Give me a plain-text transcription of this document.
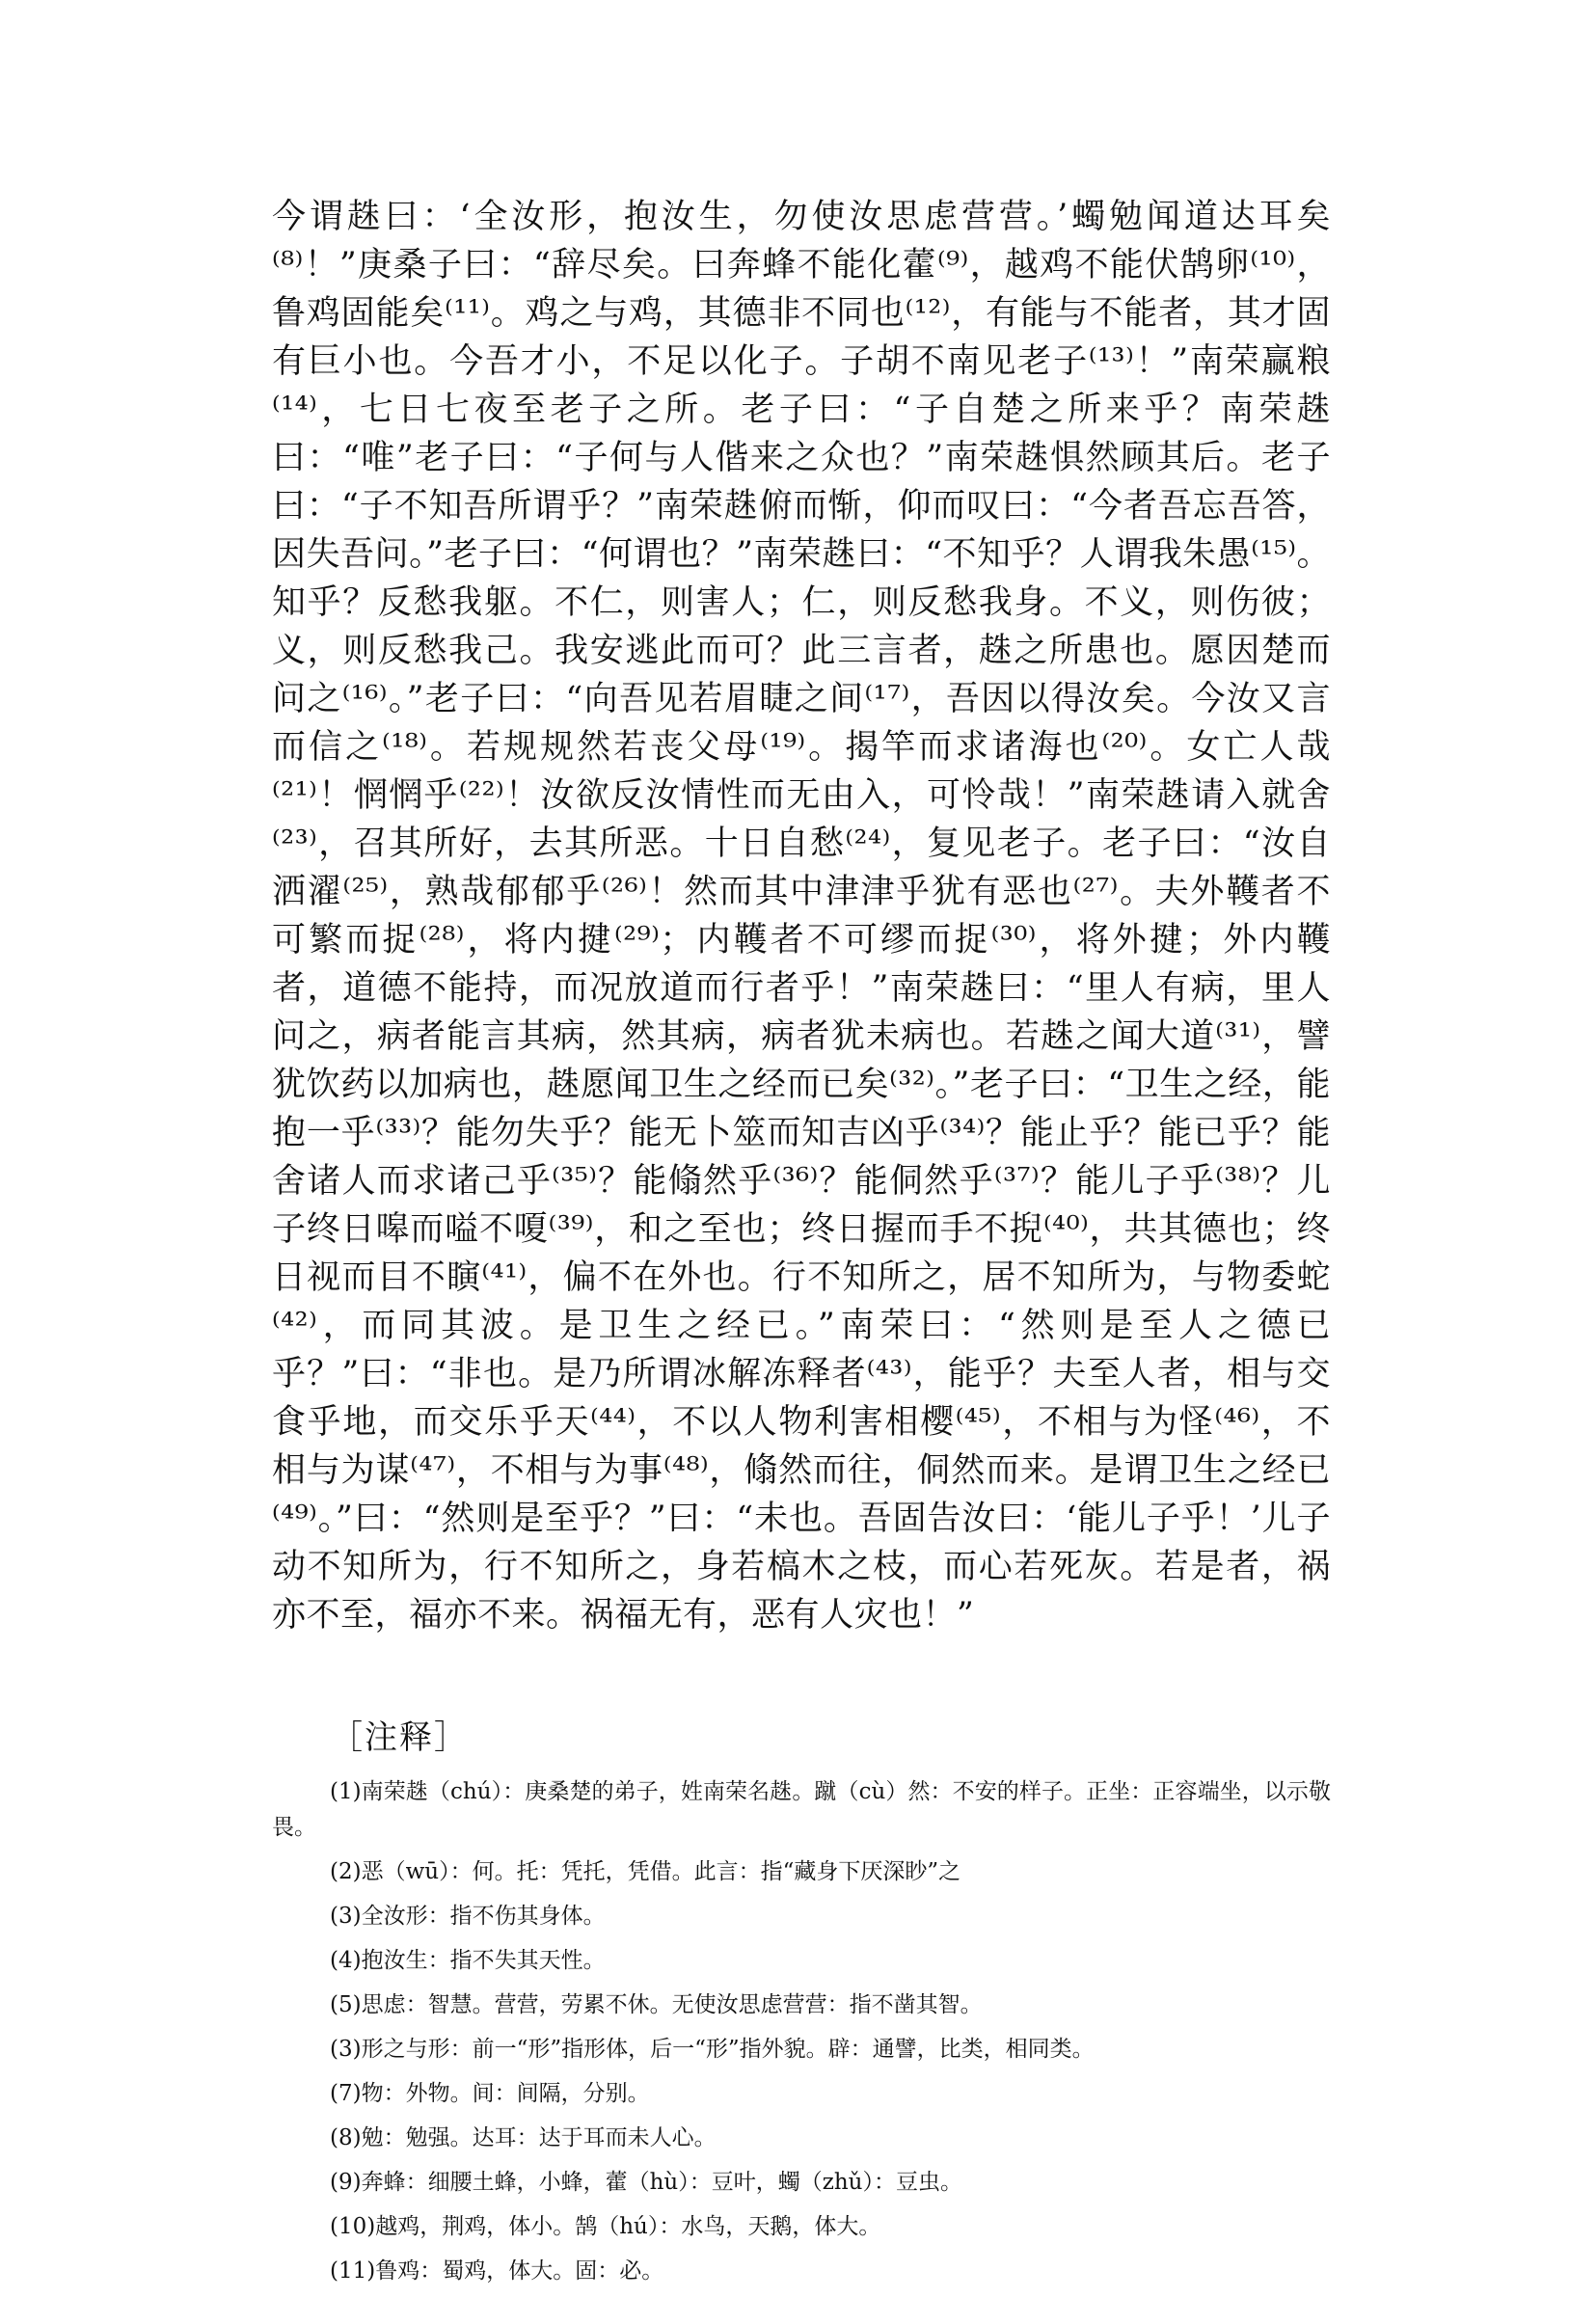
今谓趎曰：‘全汝形，抱汝生，勿使汝思虑营营。’蠋勉闻道达耳矣⁽⁸⁾！”庚桑子曰：“辞尽矣。曰奔蜂不能化藿⁽⁹⁾，越鸡不能伏鹄卵⁽¹⁰⁾，鲁鸡固能矣⁽¹¹⁾。鸡之与鸡，其德非不同也⁽¹²⁾，有能与不能者，其才固有巨小也。今吾才小，不足以化子。子胡不南见老子⁽¹³⁾！”南荣赢粮⁽¹⁴⁾，七日七夜至老子之所。老子曰：“子自楚之所来乎？南荣趎曰：“唯”老子曰：“子何与人偕来之众也？”南荣趎惧然顾其后。老子曰：“子不知吾所谓乎？”南荣趎俯而惭，仰而叹曰：“今者吾忘吾答，因失吾问。”老子曰：“何谓也？”南荣趎曰：“不知乎？人谓我朱愚⁽¹⁵⁾。知乎？反愁我躯。不仁，则害人；仁，则反愁我身。不义，则伤彼；义，则反愁我己。我安逃此而可？此三言者，趎之所患也。愿因楚而问之⁽¹⁶⁾。”老子曰：“向吾见若眉睫之间⁽¹⁷⁾，吾因以得汝矣。今汝又言而信之⁽¹⁸⁾。若规规然若丧父母⁽¹⁹⁾。揭竿而求诸海也⁽²⁰⁾。女亡人哉⁽²¹⁾！惘惘乎⁽²²⁾！汝欲反汝情性而无由入，可怜哉！”南荣趎请入就舍⁽²³⁾，召其所好，去其所恶。十日自愁⁽²⁴⁾，复见老子。老子曰：“汝自洒濯⁽²⁵⁾，熟哉郁郁乎⁽²⁶⁾！然而其中津津乎犹有恶也⁽²⁷⁾。夫外韄者不可繁而捉⁽²⁸⁾，将内揵⁽²⁹⁾；内韄者不可缪而捉⁽³⁰⁾，将外揵；外内韄者，道德不能持，而况放道而行者乎！”南荣趎曰：“里人有病，里人问之，病者能言其病，然其病，病者犹未病也。若趎之闻大道⁽³¹⁾，譬犹饮药以加病也，趎愿闻卫生之经而已矣⁽³²⁾。”老子曰：“卫生之经，能抱一乎⁽³³⁾？能勿失乎？能无卜筮而知吉凶乎⁽³⁴⁾？能止乎？能已乎？能舍诸人而求诸己乎⁽³⁵⁾？能翛然乎⁽³⁶⁾？能侗然乎⁽³⁷⁾？能儿子乎⁽³⁸⁾？儿子终日嗥而嗌不嗄⁽³⁹⁾，和之至也；终日握而手不掜⁽⁴⁰⁾，共其德也；终日视而目不瞚⁽⁴¹⁾，偏不在外也。行不知所之，居不知所为，与物委蛇⁽⁴²⁾，而同其波。是卫生之经已。”南荣曰：“然则是至人之德已乎？”曰：“非也。是乃所谓冰解冻释者⁽⁴³⁾，能乎？夫至人者，相与交食乎地，而交乐乎天⁽⁴⁴⁾，不以人物利害相樱⁽⁴⁵⁾，不相与为怪⁽⁴⁶⁾，不相与为谋⁽⁴⁷⁾，不相与为事⁽⁴⁸⁾，翛然而往，侗然而来。是谓卫生之经已⁽⁴⁹⁾。”曰：“然则是至乎？”曰：“未也。吾固告汝曰：‘能儿子乎！’儿子动不知所为，行不知所之，身若槁木之枝，而心若死灰。若是者，祸亦不至，福亦不来。祸福无有，恶有人灾也！”

［注释］

(1)南荣趎（chú）：庚桑楚的弟子，姓南荣名趎。蹴（cù）然：不安的样子。正坐：正容端坐，以示敬畏。

(2)恶（wū）：何。托：凭托，凭借。此言：指“藏身下厌深眇”之

(3)全汝形：指不伤其身体。

(4)抱汝生：指不失其天性。

(5)思虑：智慧。营营，劳累不休。无使汝思虑营营：指不凿其智。

(3)形之与形：前一“形”指形体，后一“形”指外貌。辟：通譬，比类，相同类。

(7)物：外物。间：间隔，分别。

(8)勉：勉强。达耳：达于耳而未人心。

(9)奔蜂：细腰土蜂，小蜂，藿（hù）：豆叶，蠋（zhǔ）：豆虫。

(10)越鸡，荆鸡，体小。鹄（hú）：水鸟，天鹅，体大。

(11)鲁鸡：蜀鸡，体大。固：必。
